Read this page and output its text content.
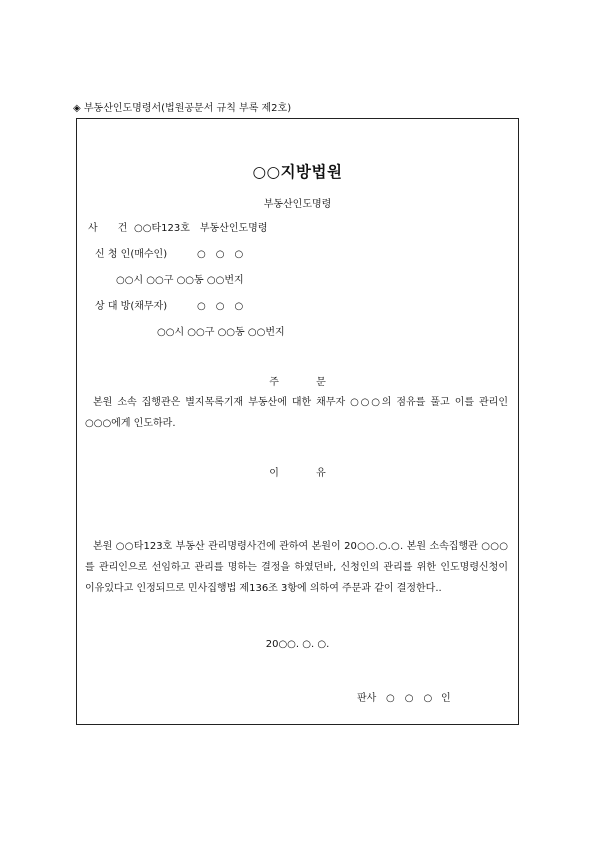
◈ 부동산인도명령서(법원공문서 규칙 부록 제2호)
○○지방법원
부동산인도명령
사　　건 ○○타123호　부동산인도명령
신 청 인(매수인)	○　○　○
○○시 ○○구 ○○동 ○○번지
상 대 방(채무자)	○　○　○
○○시 ○○구 ○○동 ○○번지
주 문
본원 소속 집행관은 별지목록기재 부동산에 대한 채무자 ○○○의 점유를 풀고 이를 관리인 ○○○에게 인도하라.
이 유
본원 ○○타123호 부동산 관리명령사건에 관하여 본원이 20○○.○.○. 본원 소속집행관 ○○○를 관리인으로 선임하고 관리를 명하는 결정을 하였던바, 신청인의 관리를 위한 인도명령신청이 이유있다고 인정되므로 민사집행법 제136조 3항에 의하여 주문과 같이 결정한다..
20○○. ○. ○.
판사 ○　○　○ 인
